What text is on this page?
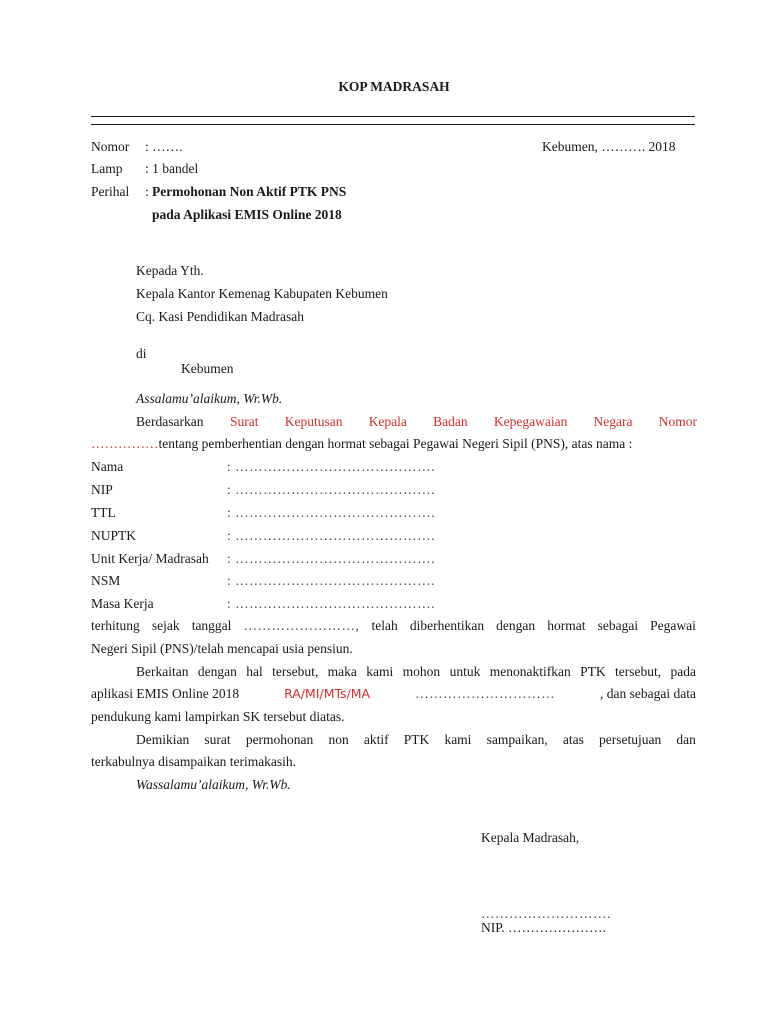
KOP MADRASAH
Nomor : …….	Kebumen, ………. 2018
Lamp : 1 bandel
Perihal : Permohonan Non Aktif PTK PNS
pada Aplikasi EMIS Online 2018
Kepada Yth.
Kepala Kantor Kemenag Kabupaten Kebumen
Cq. Kasi Pendidikan Madrasah
di
Kebumen
Assalamu’alaikum, Wr.Wb.
Berdasarkan Surat Keputusan Kepala Badan Kepegawaian Negara Nomor
……………tentang pemberhentian dengan hormat sebagai Pegawai Negeri Sipil (PNS), atas nama :
Nama	: …………………………………….
NIP	: …………………………………….
TTL	: …………………………………….
NUPTK	: …………………………………….
Unit Kerja/ Madrasah : …………………………………….
NSM	: …………………………………….
Masa Kerja	: …………………………………….
terhitung sejak tanggal ……………………, telah diberhentikan dengan hormat sebagai Pegawai
Negeri Sipil (PNS)/telah mencapai usia pensiun.
Berkaitan dengan hal tersebut, maka kami mohon untuk menonaktifkan PTK tersebut, pada
aplikasi EMIS Online 2018	RA/MI/MTs/MA	…………………………	, dan sebagai data
pendukung kami lampirkan SK tersebut diatas.
Demikian surat permohonan non aktif PTK kami sampaikan, atas persetujuan dan
terkabulnya disampaikan terimakasih.
Wassalamu’alaikum, Wr.Wb.
Kepala Madrasah,
……………………….
NIP. ………………….
